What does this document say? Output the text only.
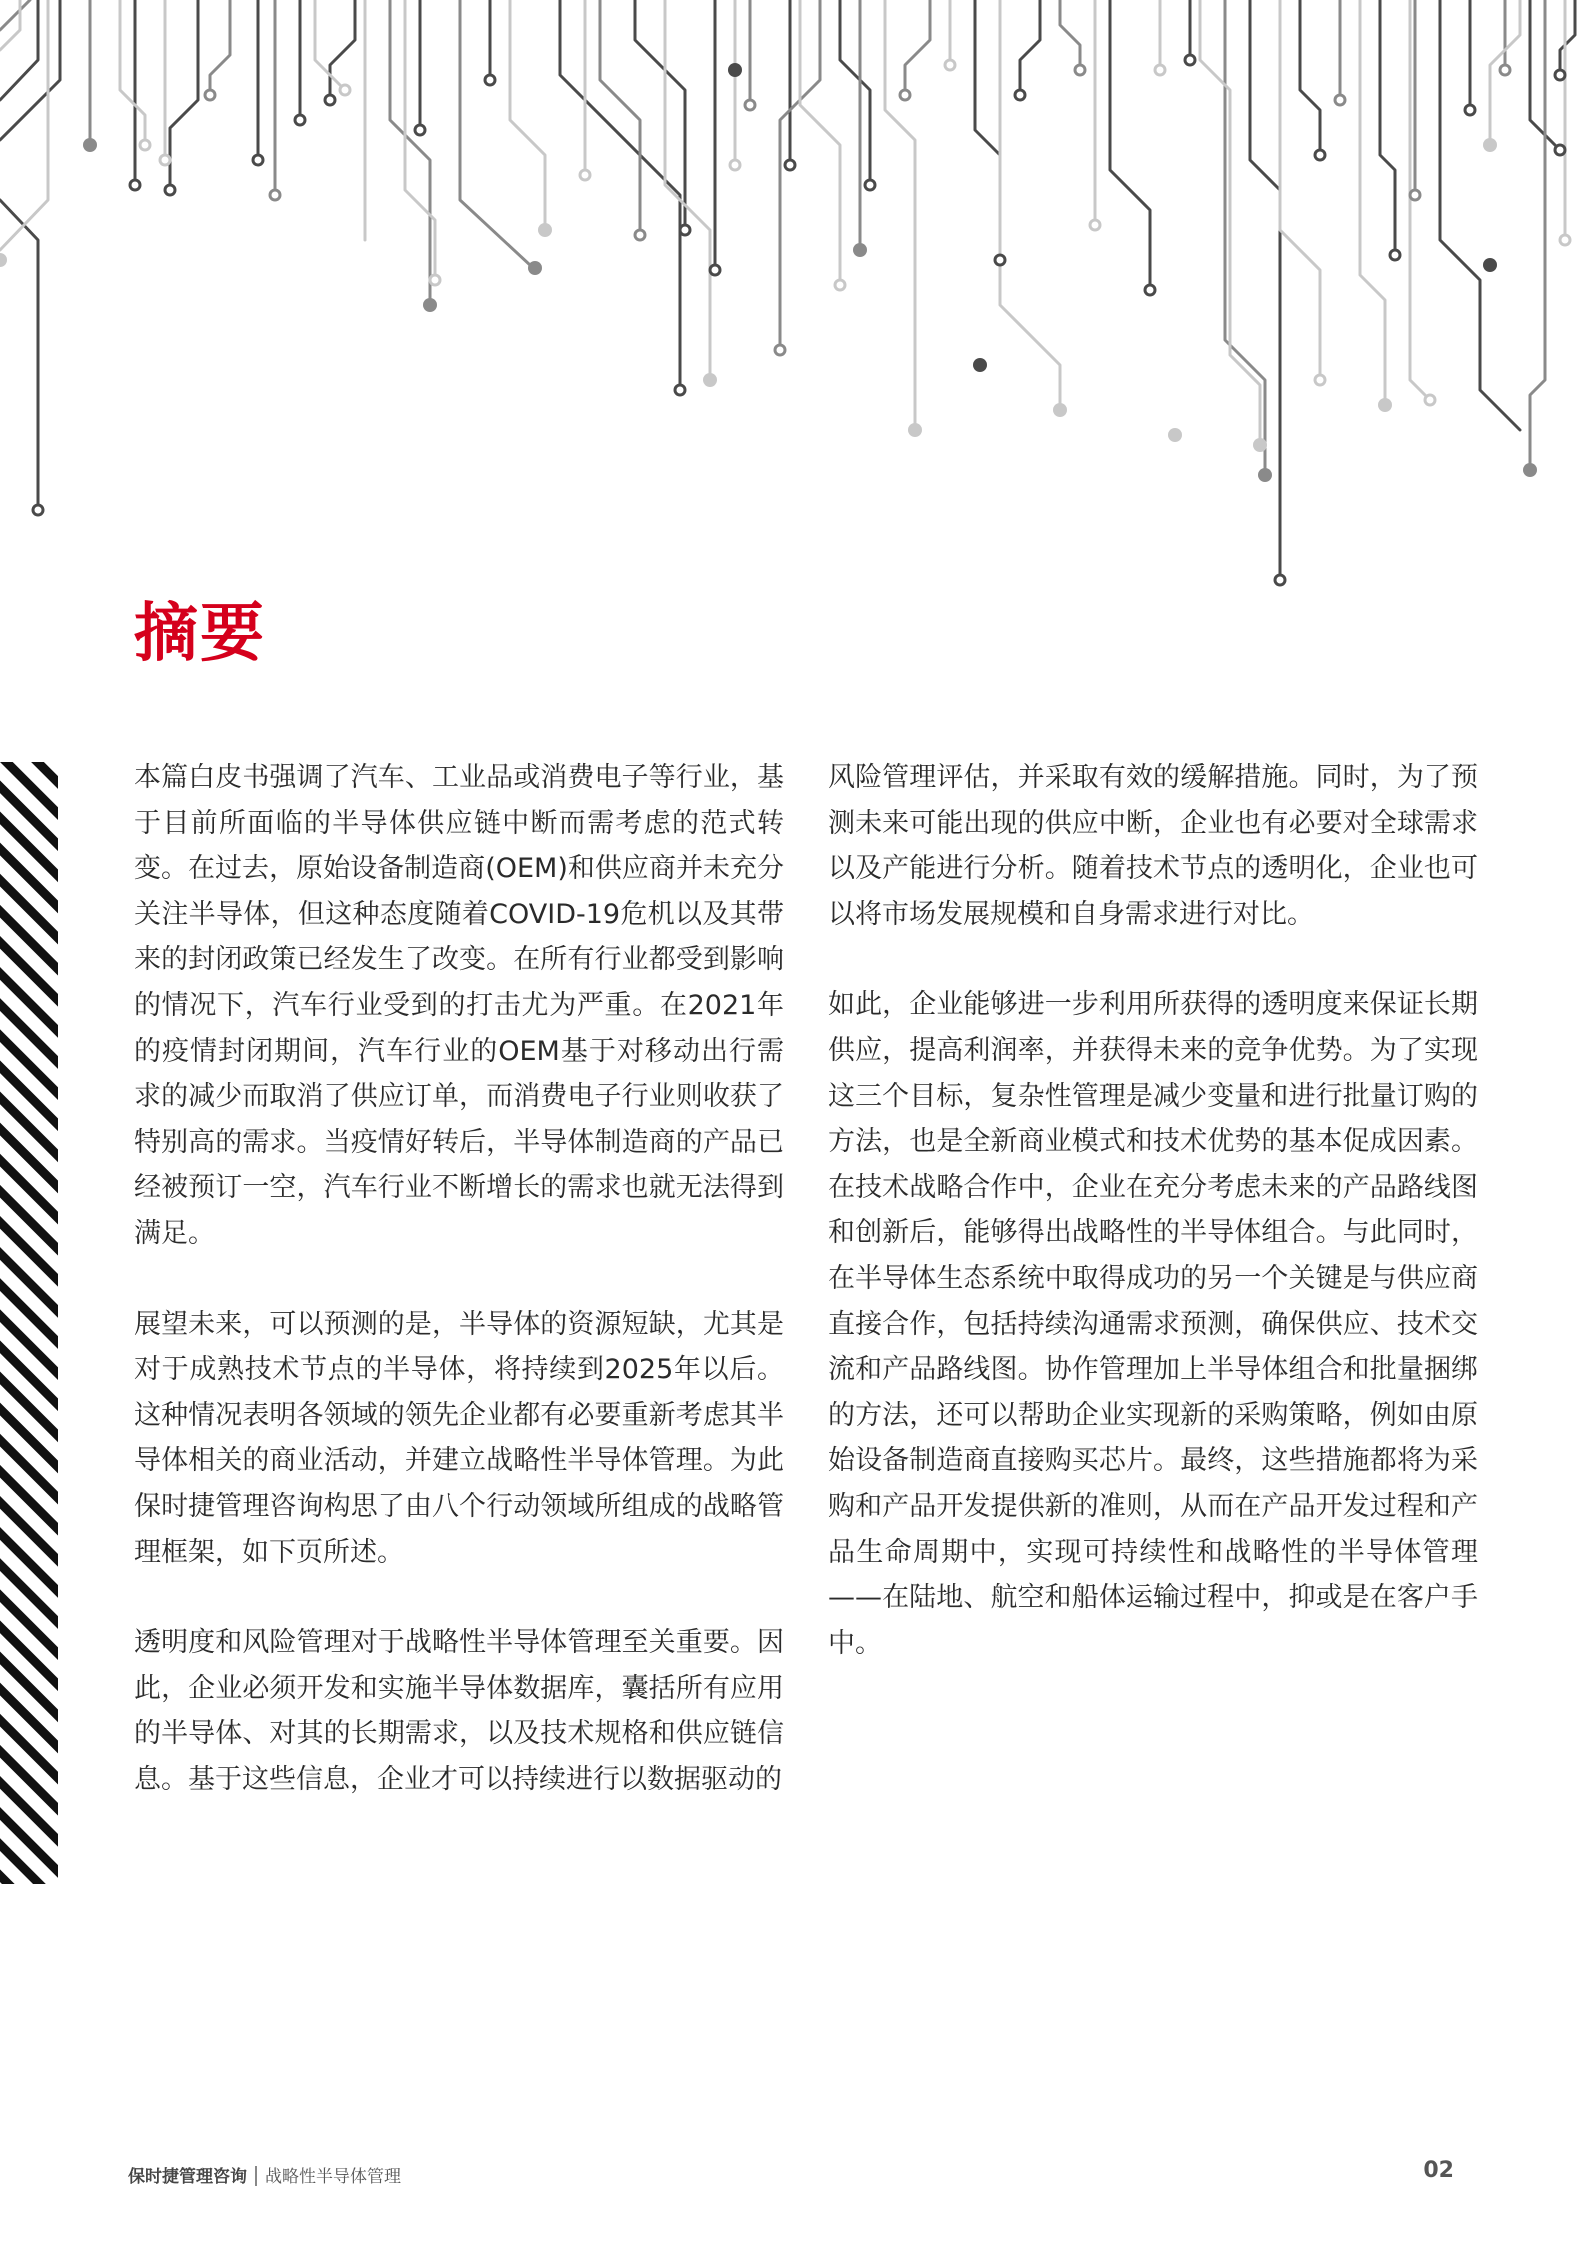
摘要

本篇白皮书强调了汽车、工业品或消费电子等行业，基于目前所面临的半导体供应链中断而需考虑的范式转变。在过去，原始设备制造商(OEM)和供应商并未充分关注半导体，但这种态度随着COVID-19危机以及其带来的封闭政策已经发生了改变。在所有行业都受到影响的情况下，汽车行业受到的打击尤为严重。在2021年的疫情封闭期间，汽车行业的OEM基于对移动出行需求的减少而取消了供应订单，而消费电子行业则收获了特别高的需求。当疫情好转后，半导体制造商的产品已经被预订一空，汽车行业不断增长的需求也就无法得到满足。

展望未来，可以预测的是，半导体的资源短缺，尤其是对于成熟技术节点的半导体，将持续到2025年以后。这种情况表明各领域的领先企业都有必要重新考虑其半导体相关的商业活动，并建立战略性半导体管理。为此保时捷管理咨询构思了由八个行动领域所组成的战略管理框架，如下页所述。

透明度和风险管理对于战略性半导体管理至关重要。因此，企业必须开发和实施半导体数据库，囊括所有应用的半导体、对其的长期需求，以及技术规格和供应链信息。基于这些信息，企业才可以持续进行以数据驱动的

风险管理评估，并采取有效的缓解措施。同时，为了预测未来可能出现的供应中断，企业也有必要对全球需求以及产能进行分析。随着技术节点的透明化，企业也可以将市场发展规模和自身需求进行对比。

如此，企业能够进一步利用所获得的透明度来保证长期供应，提高利润率，并获得未来的竞争优势。为了实现这三个目标，复杂性管理是减少变量和进行批量订购的方法，也是全新商业模式和技术优势的基本促成因素。在技术战略合作中，企业在充分考虑未来的产品路线图和创新后，能够得出战略性的半导体组合。与此同时，在半导体生态系统中取得成功的另一个关键是与供应商直接合作，包括持续沟通需求预测，确保供应、技术交流和产品路线图。协作管理加上半导体组合和批量捆绑的方法，还可以帮助企业实现新的采购策略，例如由原始设备制造商直接购买芯片。最终，这些措施都将为采购和产品开发提供新的准则，从而在产品开发过程和产品生命周期中，实现可持续性和战略性的半导体管理——在陆地、航空和船体运输过程中，抑或是在客户手中。

保时捷管理咨询 战略性半导体管理	02
